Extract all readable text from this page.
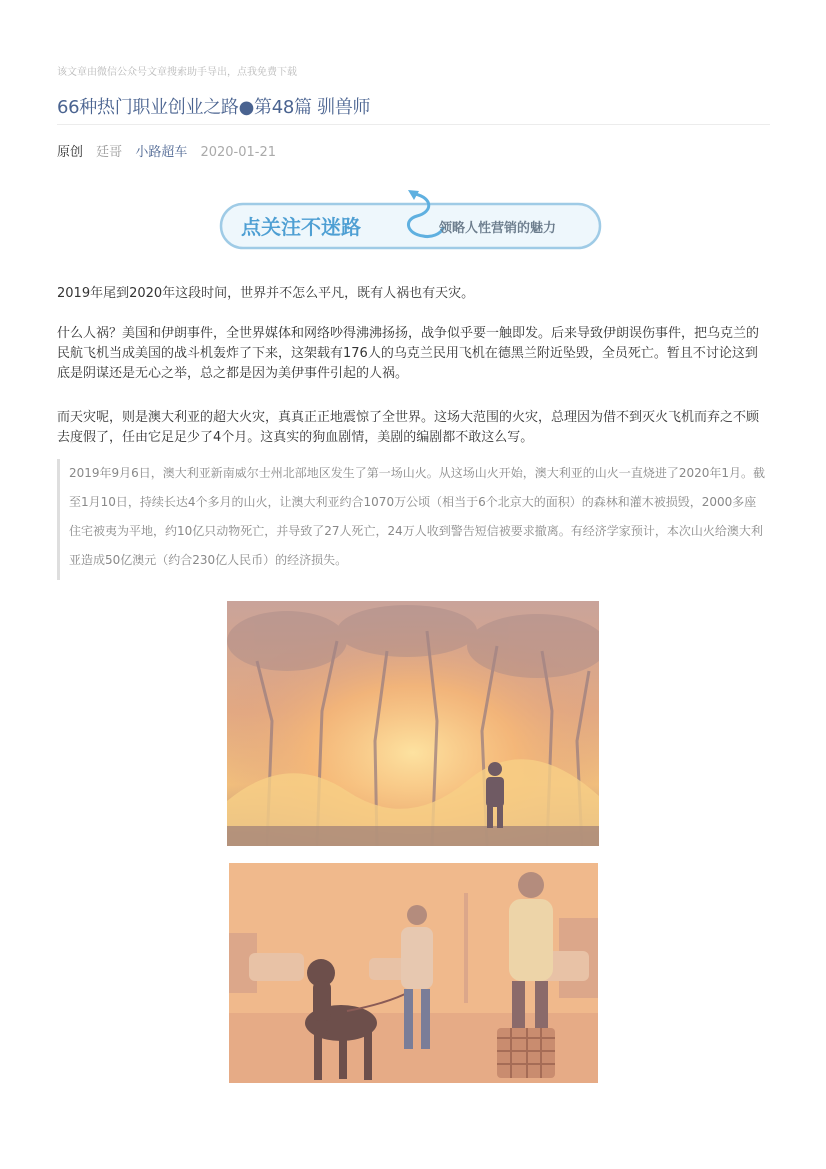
该文章由微信公众号文章搜索助手导出，点我免费下载
66种热门职业创业之路●第48篇 驯兽师
原创 廷哥 小路超车 2020-01-21
点关注不迷路	领略人性营销的魅力

2019年尾到2020年这段时间，世界并不怎么平凡，既有人祸也有天灾。

什么人祸？美国和伊朗事件，全世界媒体和网络吵得沸沸扬扬，战争似乎要一触即发。后来导致伊朗误伤事件，把乌克兰的民航飞机当成美国的战斗机轰炸了下来，这架载有176人的乌克兰民用飞机在德黑兰附近坠毁，全员死亡。暂且不讨论这到底是阴谋还是无心之举，总之都是因为美伊事件引起的人祸。

而天灾呢，则是澳大利亚的超大火灾，真真正正地震惊了全世界。这场大范围的火灾，总理因为借不到灭火飞机而弃之不顾去度假了，任由它足足少了4个月。这真实的狗血剧情，美剧的编剧都不敢这么写。

2019年9月6日，澳大利亚新南威尔士州北部地区发生了第一场山火。从这场山火开始，澳大利亚的山火一直烧进了2020年1月。截至1月10日，持续长达4个多月的山火，让澳大利亚约合1070万公顷（相当于6个北京大的面积）的森林和灌木被损毁，2000多座住宅被夷为平地，约10亿只动物死亡，并导致了27人死亡，24万人收到警告短信被要求撤离。有经济学家预计，本次山火给澳大利亚造成50亿澳元（约合230亿人民币）的经济损失。
